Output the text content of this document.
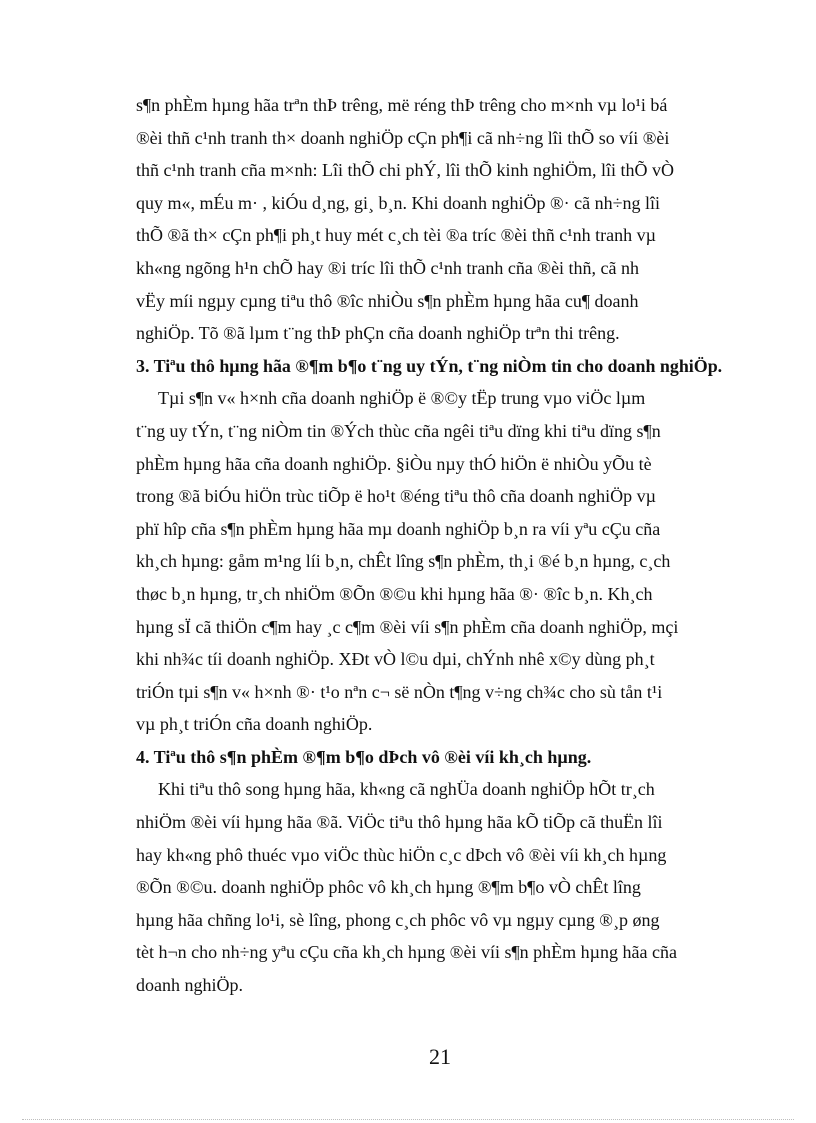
s¶n phÈm hµng hãa trªn thÞ trêng, më réng thÞ trêng cho m×nh vµ lo¹i bá
®èi thñ c¹nh tranh th× doanh nghiÖp cÇn ph¶i cã nh÷ng lîi thÕ so víi ®èi
thñ c¹nh tranh cña m×nh: Lîi thÕ chi phÝ, lîi thÕ kinh nghiÖm, lîi thÕ vÒ
quy m«, mÉu m· , kiÓu d¸ng, gi¸ b¸n. Khi doanh nghiÖp ®· cã nh÷ng lîi
thÕ ®ã th× cÇn ph¶i ph¸t huy mét c¸ch tèi ®a tríc ®èi thñ c¹nh tranh vµ
kh«ng ngõng h¹n chÕ hay ®i tríc lîi thÕ c¹nh tranh cña ®èi thñ, cã nh
vËy míi ngµy cµng tiªu thô ®îc nhiÒu s¶n phÈm hµng hãa cu¶ doanh
nghiÖp. Tõ ®ã lµm t¨ng thÞ phÇn cña doanh nghiÖp trªn thi trêng.
3. Tiªu thô hµng hãa ®¶m b¶o t¨ng uy tÝn, t¨ng niÒm tin cho doanh nghiÖp.
Tµi s¶n v« h×nh cña doanh nghiÖp ë ®©y tËp trung vµo viÖc lµm
t¨ng uy tÝn, t¨ng niÒm tin ®Ých thùc cña ngêi tiªu dïng khi tiªu dïng s¶n
phÈm hµng hãa cña doanh nghiÖp. §iÒu nµy thÓ hiÖn ë nhiÒu yÕu tè
trong ®ã biÓu hiÖn trùc tiÕp ë ho¹t ®éng tiªu thô cña doanh nghiÖp vµ
phï hîp cña s¶n phÈm hµng hãa mµ doanh nghiÖp b¸n ra víi yªu cÇu cña
kh¸ch hµng: gåm m¹ng líi b¸n, chÊt lîng s¶n phÈm, th¸i ®é b¸n hµng, c¸ch
thøc b¸n hµng, tr¸ch nhiÖm ®Õn ®©u khi hµng hãa ®· ®îc b¸n. Kh¸ch
hµng sÏ cã thiÖn c¶m hay ¸c c¶m ®èi víi s¶n phÈm cña doanh nghiÖp, mçi
khi nh¾c tíi doanh nghiÖp. XÐt vÒ l©u dµi, chÝnh nhê x©y dùng ph¸t
triÓn tµi s¶n v« h×nh ®· t¹o nªn c¬ së nÒn t¶ng v÷ng ch¾c cho sù tån t¹i
vµ ph¸t triÓn cña doanh nghiÖp.
4. Tiªu thô s¶n phÈm ®¶m b¶o dÞch vô ®èi víi kh¸ch hµng.
Khi tiªu thô song hµng hãa, kh«ng cã nghÜa doanh nghiÖp hÕt tr¸ch
nhiÖm ®èi víi hµng hãa ®ã. ViÖc tiªu thô hµng hãa kÕ tiÕp cã thuËn lîi
hay kh«ng phô thuéc vµo viÖc thùc hiÖn c¸c dÞch vô ®èi víi kh¸ch hµng
®Õn ®©u. doanh nghiÖp phôc vô kh¸ch hµng ®¶m b¶o vÒ chÊt lîng
hµng hãa chñng lo¹i, sè lîng, phong c¸ch phôc vô vµ ngµy cµng ®¸p øng
tèt h¬n cho nh÷ng yªu cÇu cña kh¸ch hµng ®èi víi s¶n phÈm hµng hãa cña
doanh nghiÖp.
21
